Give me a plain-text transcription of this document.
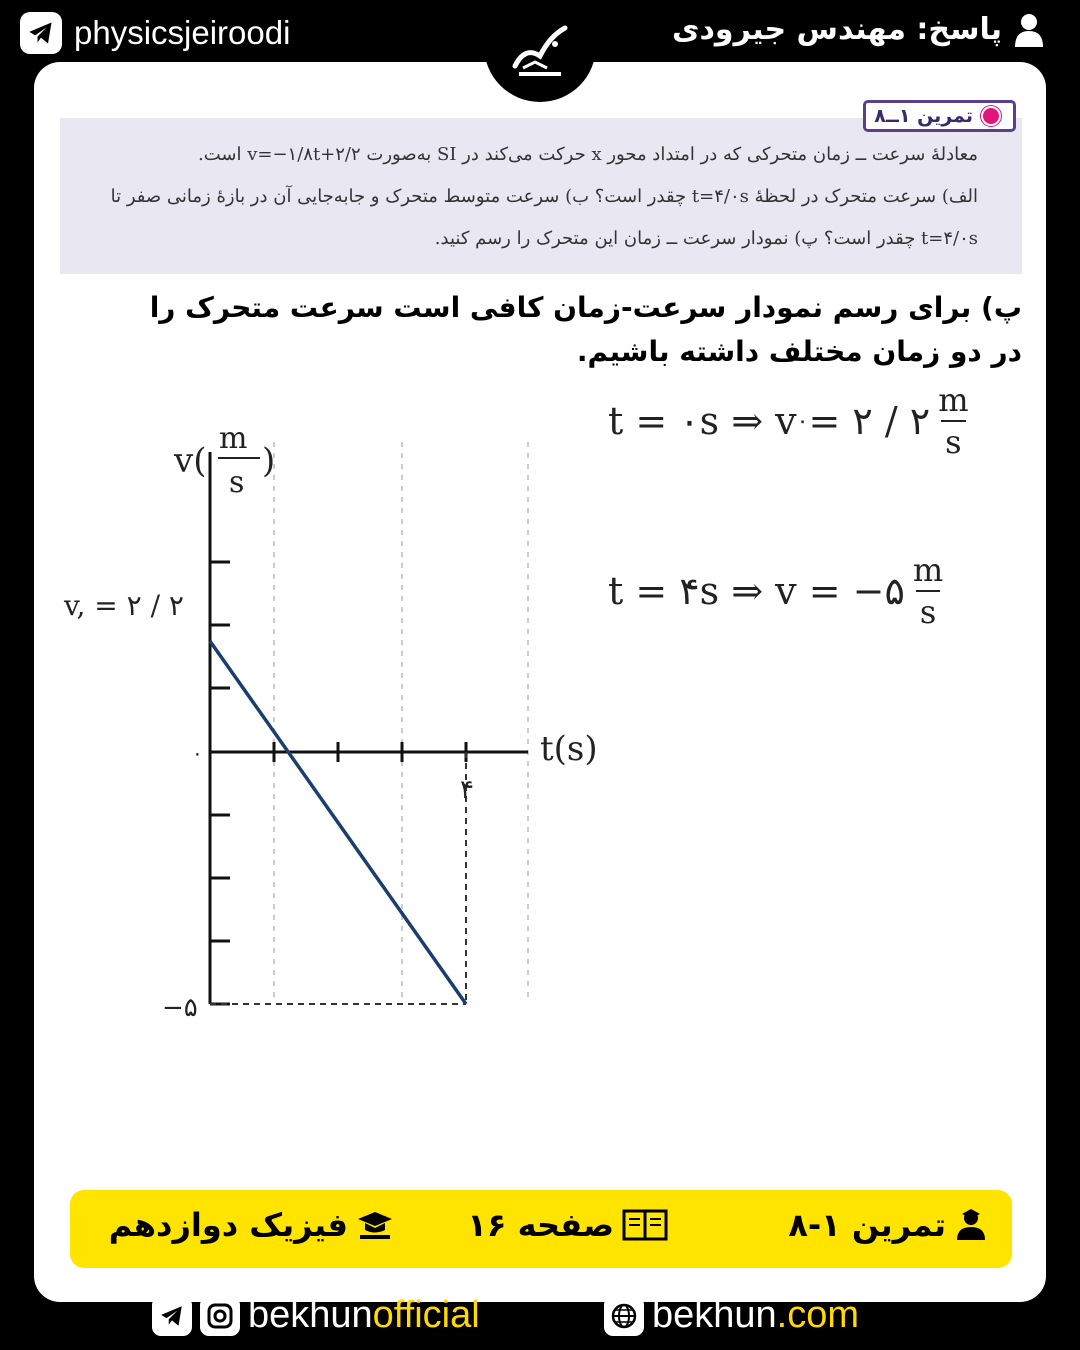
physicsjeiroodi	پاسخ: مهندس جیرودی
تمرین ۱ــ۸
معادلهٔ سرعت ــ زمان متحرکی که در امتداد محور x حرکت می‌کند در SI به‌صورت v=−۱/۸t+۲/۲ است.
الف) سرعت متحرک در لحظهٔ t=۴/۰s چقدر است؟ ب) سرعت متوسط متحرک و جابه‌جایی آن در بازهٔ زمانی صفر تا
t=۴/۰s چقدر است؟ پ) نمودار سرعت ــ زمان این متحرک را رسم کنید.
پ) برای رسم نمودار سرعت-زمان کافی است سرعت متحرک را در دو زمان مختلف داشته باشیم.
v(
m
s
)
t(s)
v, = ۲ / ۲
۰
۴
−۵
t = ۰s ⇒ v ۰ = ۲ / ۲ $\frac{m}{s}$
t = ۴s ⇒ v = −۵ $\frac{m}{s}$
تمرین ۱-۸
صفحه ۱۶
فیزیک دوازدهم
bekhunofficial	bekhun.com
